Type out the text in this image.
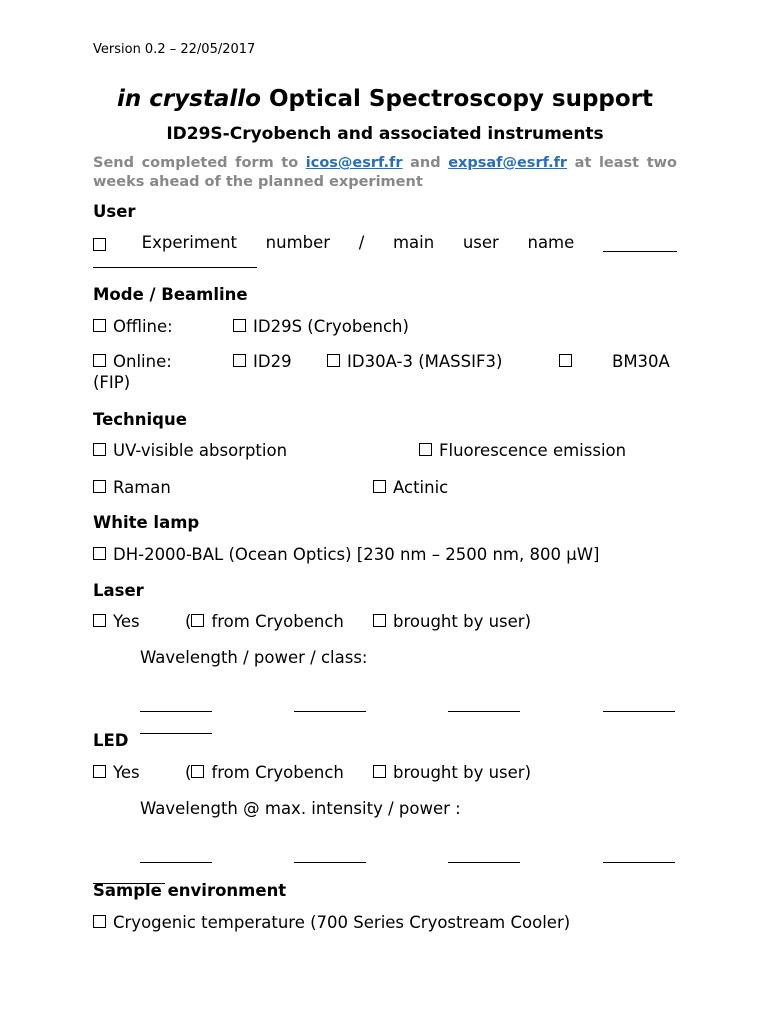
Version 0.2 – 22/05/2017
in crystallo Optical Spectroscopy support
ID29S-Cryobench and associated instruments
Send completed form to icos@esrf.fr and expsaf@esrf.fr at least two weeks ahead of the planned experiment
User
Experiment number / main user name
Mode / Beamline
Offline:	ID29S (Cryobench)
Online:	ID29	ID30A-3 (MASSIF3)	BM30A
(FIP)
Technique
UV-visible absorption	Fluorescence emission
Raman	Actinic
White lamp
DH-2000-BAL (Ocean Optics) [230 nm – 2500 nm, 800 µW]
Laser
Yes	( from Cryobench	brought by user)
Wavelength / power / class:
LED
Yes	( from Cryobench	brought by user)
Wavelength @ max. intensity / power :
Sample environment
Cryogenic temperature (700 Series Cryostream Cooler)
